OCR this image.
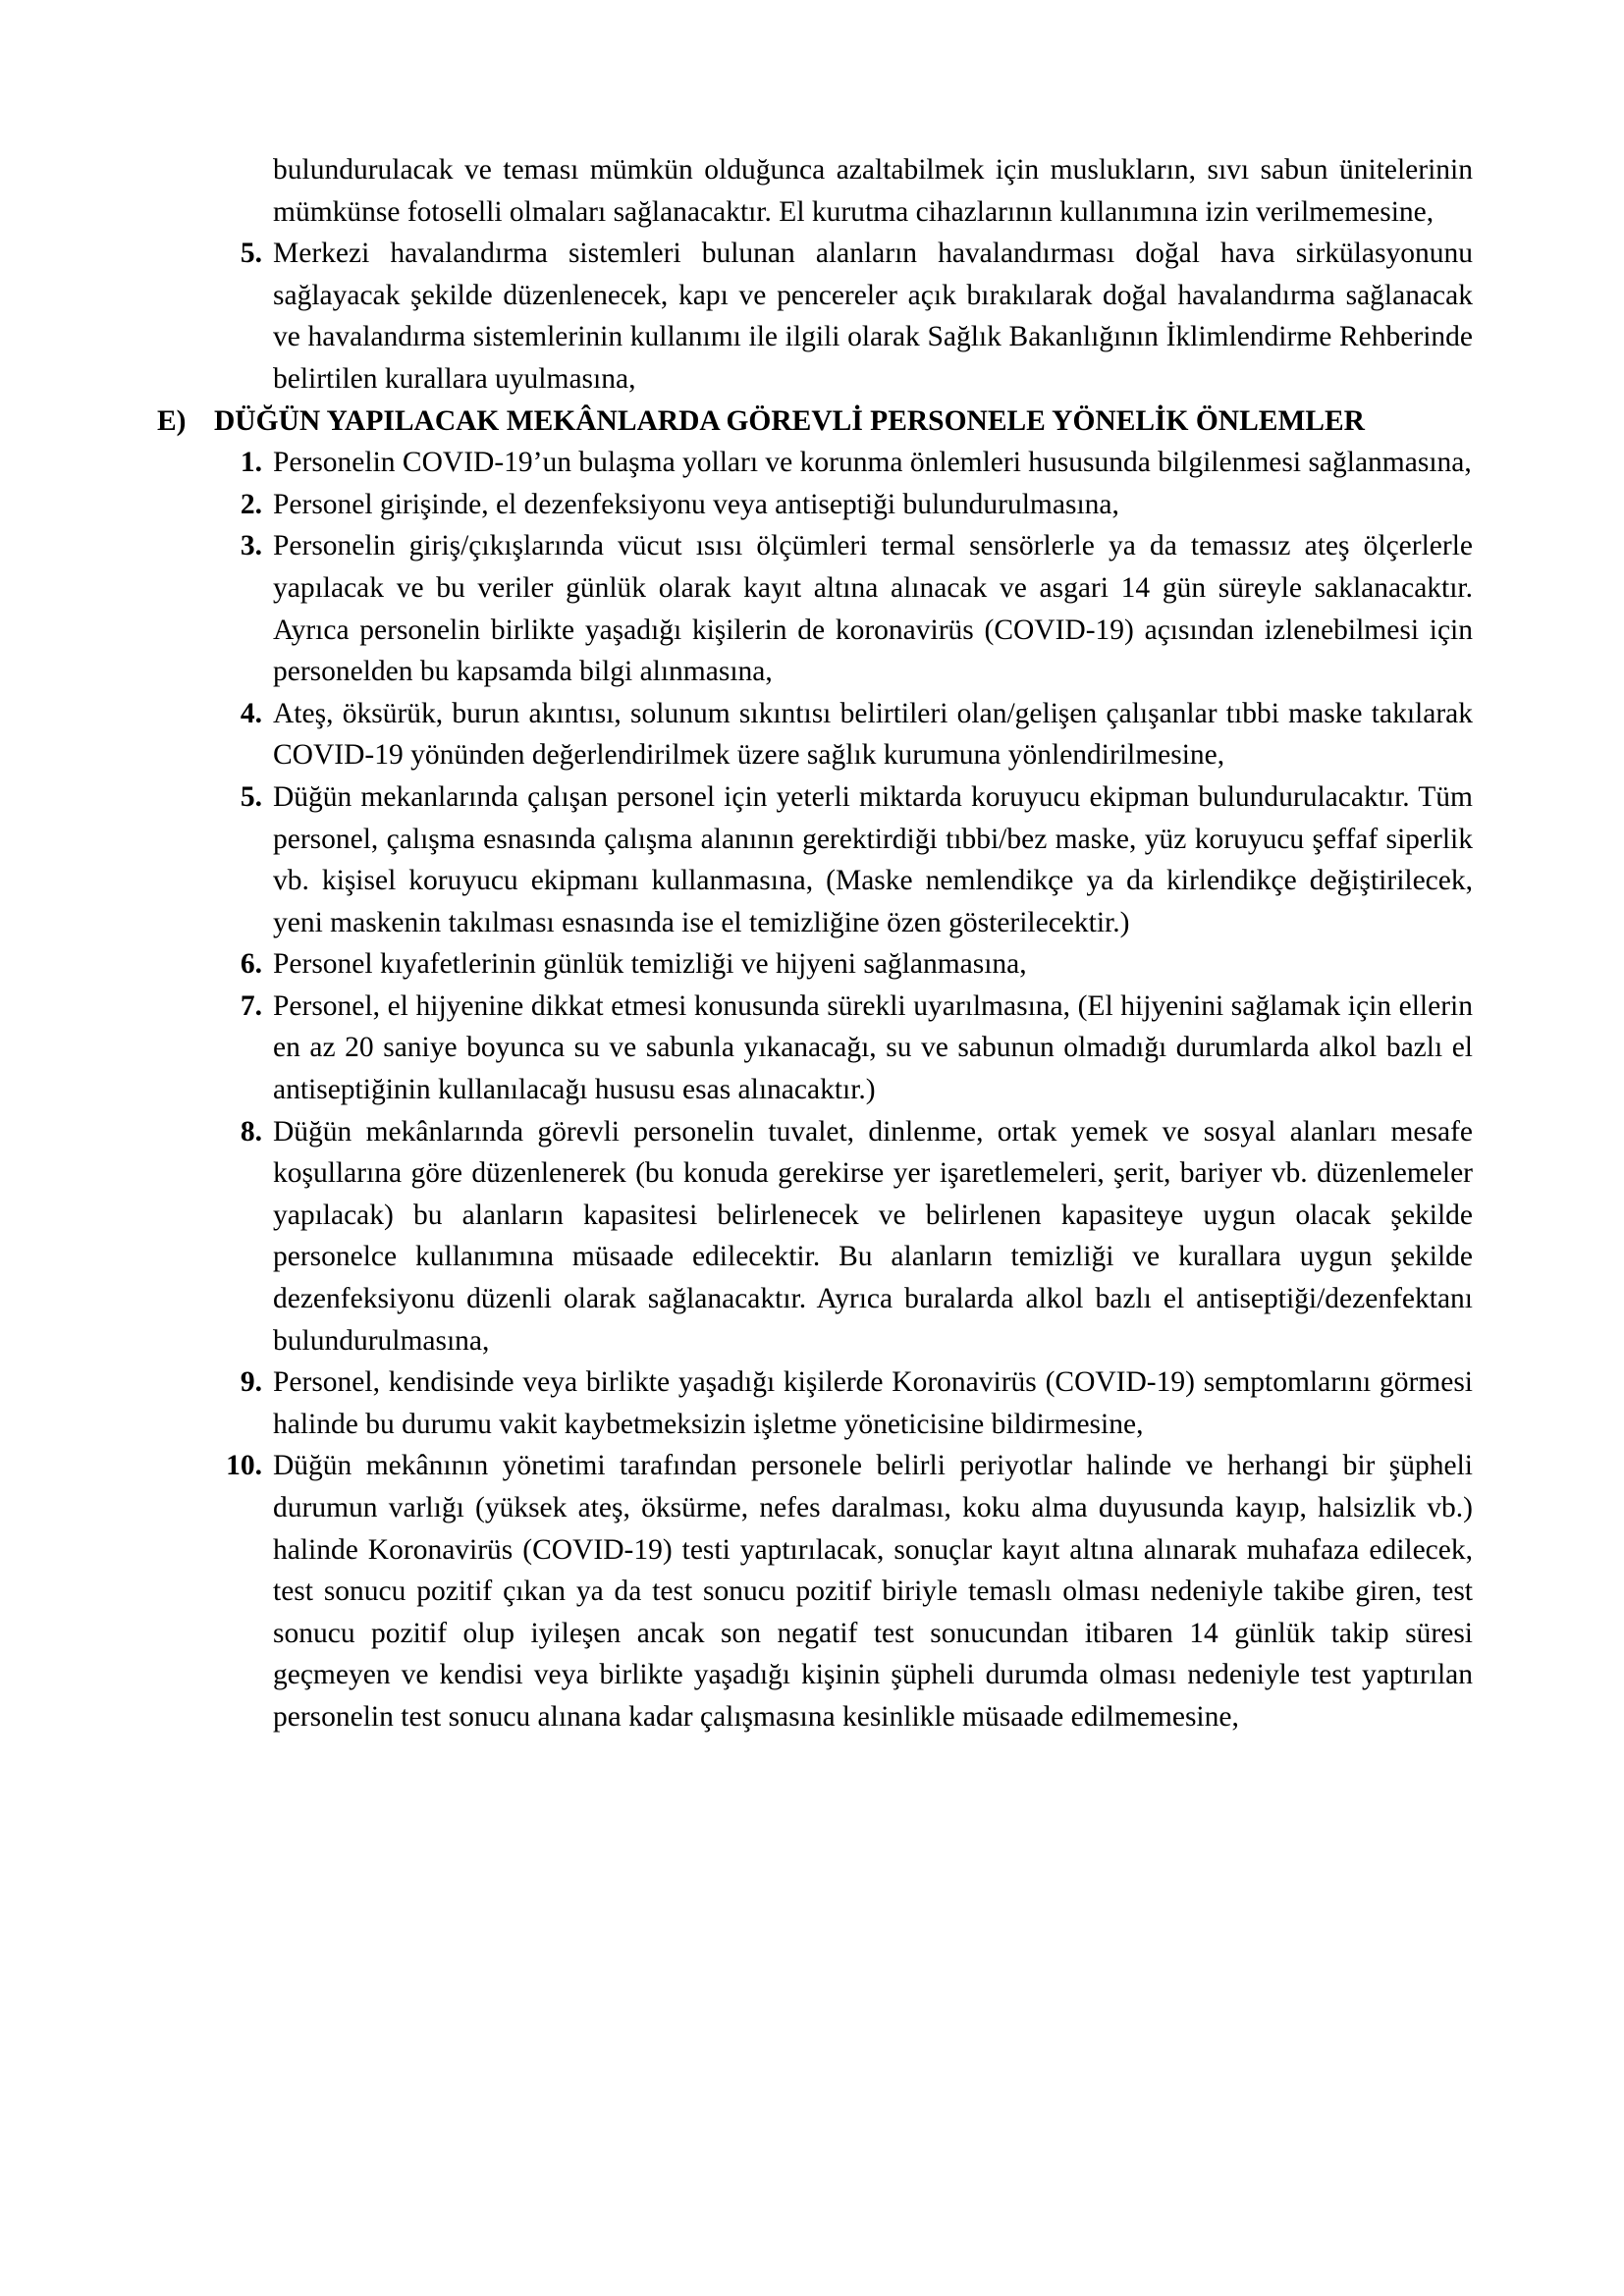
bulundurulacak ve teması mümkün olduğunca azaltabilmek için muslukların, sıvı sabun ünitelerinin mümkünse fotoselli olmaları sağlanacaktır. El kurutma cihazlarının kullanımına izin verilmemesine,

5. Merkezi havalandırma sistemleri bulunan alanların havalandırması doğal hava sirkülasyonunu sağlayacak şekilde düzenlenecek, kapı ve pencereler açık bırakılarak doğal havalandırma sağlanacak ve havalandırma sistemlerinin kullanımı ile ilgili olarak Sağlık Bakanlığının İklimlendirme Rehberinde belirtilen kurallara uyulmasına,
E) DÜĞÜN YAPILACAK MEKÂNLARDA GÖREVLİ PERSONELE YÖNELİK ÖNLEMLER
1. Personelin COVID-19’un bulaşma yolları ve korunma önlemleri hususunda bilgilenmesi sağlanmasına,
2. Personel girişinde, el dezenfeksiyonu veya antiseptiği bulundurulmasına,
3. Personelin giriş/çıkışlarında vücut ısısı ölçümleri termal sensörlerle ya da temassız ateş ölçerlerle yapılacak ve bu veriler günlük olarak kayıt altına alınacak ve asgari 14 gün süreyle saklanacaktır. Ayrıca personelin birlikte yaşadığı kişilerin de koronavirüs (COVID-19) açısından izlenebilmesi için personelden bu kapsamda bilgi alınmasına,
4. Ateş, öksürük, burun akıntısı, solunum sıkıntısı belirtileri olan/gelişen çalışanlar tıbbi maske takılarak COVID-19 yönünden değerlendirilmek üzere sağlık kurumuna yönlendirilmesine,
5. Düğün mekanlarında çalışan personel için yeterli miktarda koruyucu ekipman bulundurulacaktır. Tüm personel, çalışma esnasında çalışma alanının gerektirdiği tıbbi/bez maske, yüz koruyucu şeffaf siperlik vb. kişisel koruyucu ekipmanı kullanmasına, (Maske nemlendikçe ya da kirlendikçe değiştirilecek, yeni maskenin takılması esnasında ise el temizliğine özen gösterilecektir.)
6. Personel kıyafetlerinin günlük temizliği ve hijyeni sağlanmasına,
7. Personel, el hijyenine dikkat etmesi konusunda sürekli uyarılmasına, (El hijyenini sağlamak için ellerin en az 20 saniye boyunca su ve sabunla yıkanacağı, su ve sabunun olmadığı durumlarda alkol bazlı el antiseptiğinin kullanılacağı hususu esas alınacaktır.)
8. Düğün mekânlarında görevli personelin tuvalet, dinlenme, ortak yemek ve sosyal alanları mesafe koşullarına göre düzenlenerek (bu konuda gerekirse yer işaretlemeleri, şerit, bariyer vb. düzenlemeler yapılacak) bu alanların kapasitesi belirlenecek ve belirlenen kapasiteye uygun olacak şekilde personelce kullanımına müsaade edilecektir. Bu alanların temizliği ve kurallara uygun şekilde dezenfeksiyonu düzenli olarak sağlanacaktır. Ayrıca buralarda alkol bazlı el antiseptiği/dezenfektanı bulundurulmasına,
9. Personel, kendisinde veya birlikte yaşadığı kişilerde Koronavirüs (COVID-19) semptomlarını görmesi halinde bu durumu vakit kaybetmeksizin işletme yöneticisine bildirmesine,
10. Düğün mekânının yönetimi tarafından personele belirli periyotlar halinde ve herhangi bir şüpheli durumun varlığı (yüksek ateş, öksürme, nefes daralması, koku alma duyusunda kayıp, halsizlik vb.) halinde Koronavirüs (COVID-19) testi yaptırılacak, sonuçlar kayıt altına alınarak muhafaza edilecek, test sonucu pozitif çıkan ya da test sonucu pozitif biriyle temaslı olması nedeniyle takibe giren, test sonucu pozitif olup iyileşen ancak son negatif test sonucundan itibaren 14 günlük takip süresi geçmeyen ve kendisi veya birlikte yaşadığı kişinin şüpheli durumda olması nedeniyle test yaptırılan personelin test sonucu alınana kadar çalışmasına kesinlikle müsaade edilmemesine,
